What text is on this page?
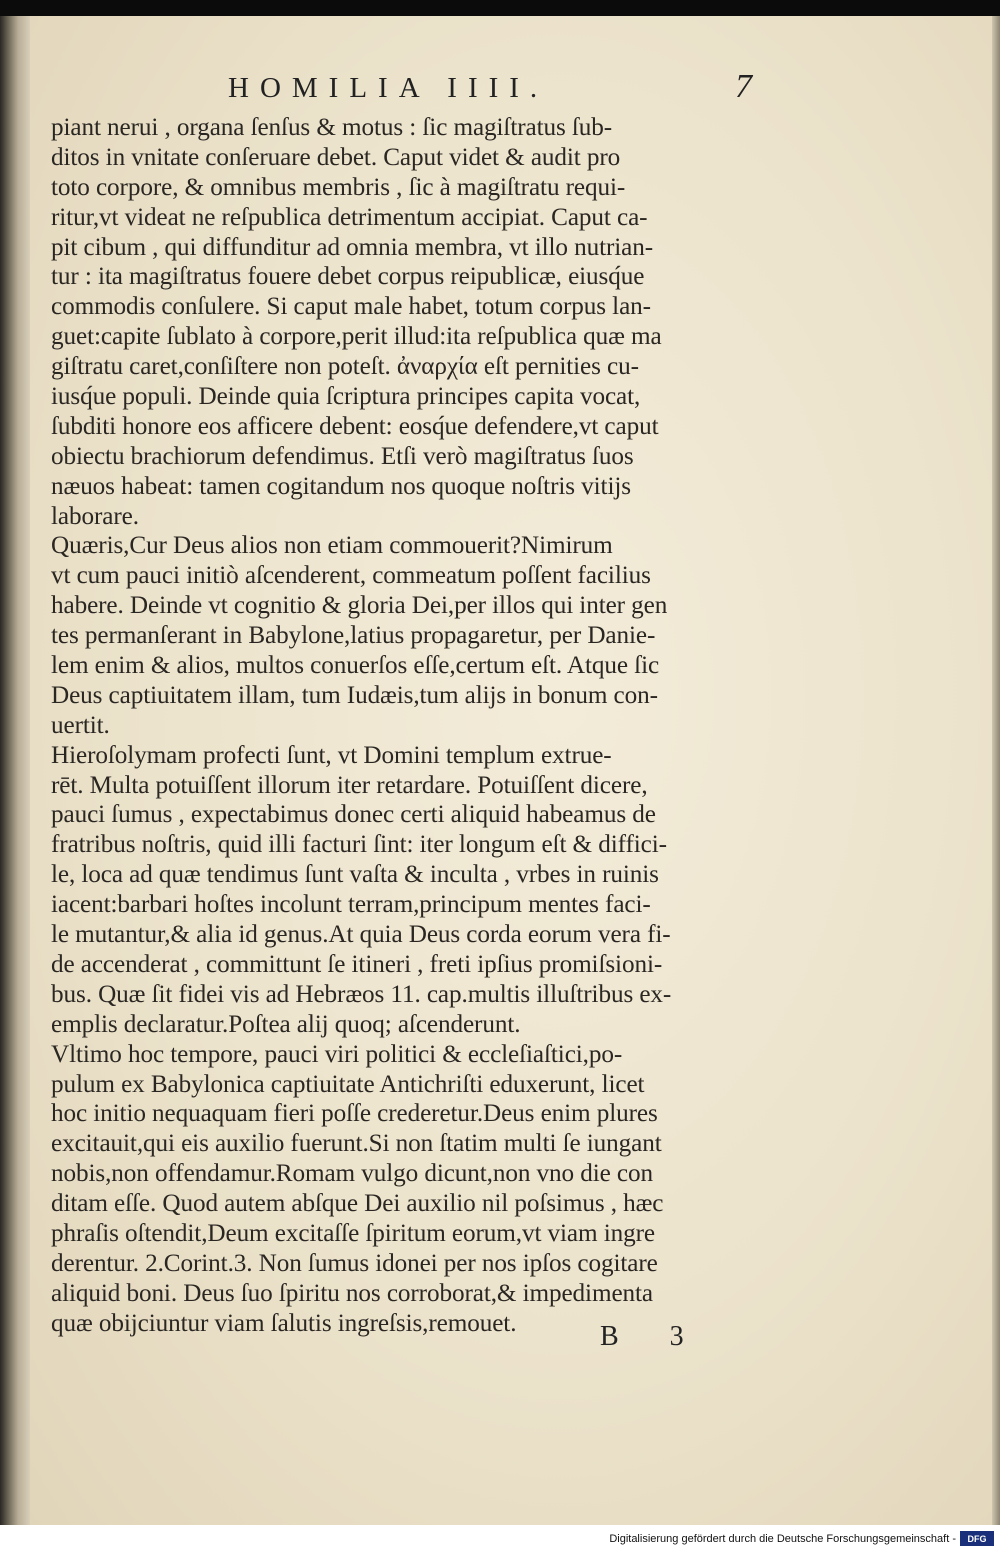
HOMILIA IIII.	7
piant nerui , organa ſenſus & motus : ſic magiſtratus ſub-
ditos in vnitate conſeruare debet. Caput videt & audit pro
toto corpore, & omnibus membris , ſic à magiſtratu requi-
ritur,vt videat ne reſpublica detrimentum accipiat. Caput ca-
pit cibum , qui diffunditur ad omnia membra, vt illo nutrian-
tur : ita magiſtratus fouere debet corpus reipublicæ, eiusq́ue
commodis conſulere. Si caput male habet, totum corpus lan-
guet:capite ſublato à corpore,perit illud:ita reſpublica quæ ma
giſtratu caret,conſiſtere non poteſt. ἀναρχία eſt pernities cu-
iusq́ue populi. Deinde quia ſcriptura principes capita vocat,
ſubditi honore eos afficere debent: eosq́ue defendere,vt caput
obiectu brachiorum defendimus. Etſi verò magiſtratus ſuos
næuos habeat: tamen cogitandum nos quoque noſtris vitijs
laborare.
Quæris,Cur Deus alios non etiam commouerit?Nimirum
vt cum pauci initiò aſcenderent, commeatum poſſent facilius
habere. Deinde vt cognitio & gloria Dei,per illos qui inter gen
tes permanſerant in Babylone,latius propagaretur, per Danie-
lem enim & alios, multos conuerſos eſſe,certum eſt. Atque ſic
Deus captiuitatem illam, tum Iudæis,tum alijs in bonum con-
uertit.
Hieroſolymam profecti ſunt, vt Domini templum extrue-
rēt. Multa potuiſſent illorum iter retardare. Potuiſſent dicere,
pauci ſumus , expectabimus donec certi aliquid habeamus de
fratribus noſtris, quid illi facturi ſint: iter longum eſt & diffici-
le, loca ad quæ tendimus ſunt vaſta & inculta , vrbes in ruinis
iacent:barbari hoſtes incolunt terram,principum mentes faci-
le mutantur,& alia id genus.At quia Deus corda eorum vera fi-
de accenderat , committunt ſe itineri , freti ipſius promiſsioni-
bus. Quæ ſit fidei vis ad Hebræos 11. cap.multis illuſtribus ex-
emplis declaratur.Poſtea alij quoq; aſcenderunt.
Vltimo hoc tempore, pauci viri politici & eccleſiaſtici,po-
pulum ex Babylonica captiuitate Antichriſti eduxerunt, licet
hoc initio nequaquam fieri poſſe crederetur.Deus enim plures
excitauit,qui eis auxilio fuerunt.Si non ſtatim multi ſe iungant
nobis,non offendamur.Romam vulgo dicunt,non vno die con
ditam eſſe. Quod autem abſque Dei auxilio nil poſsimus , hæc
phraſis oſtendit,Deum excitaſſe ſpiritum eorum,vt viam ingre
derentur. 2.Corint.3. Non ſumus idonei per nos ipſos cogitare
aliquid boni. Deus ſuo ſpiritu nos corroborat,& impedimenta
quæ obijciuntur viam ſalutis ingreſsis,remouet.	B 3
Digitalisierung gefördert durch die Deutsche Forschungsgemeinschaft -	DFG
